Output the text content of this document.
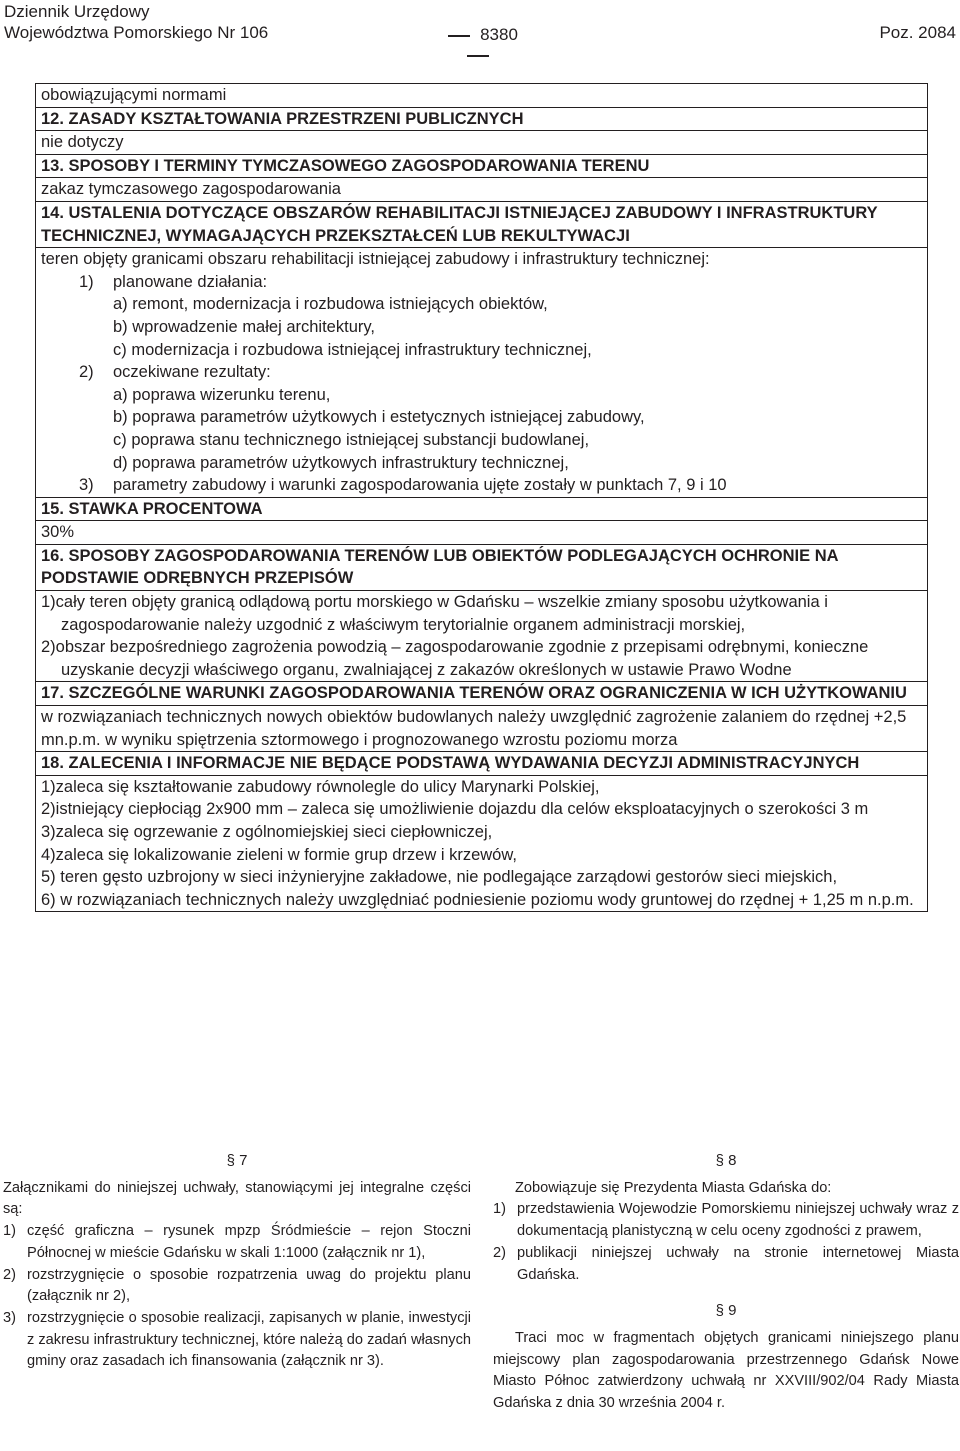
Dziennik Urzędowy
Województwa Pomorskiego Nr 106	8380	Poz. 2084
obowiązującymi normami
12. ZASADY KSZTAŁTOWANIA PRZESTRZENI PUBLICZNYCH
nie dotyczy
13. SPOSOBY I TERMINY TYMCZASOWEGO ZAGOSPODAROWANIA TERENU
zakaz tymczasowego zagospodarowania
14. USTALENIA DOTYCZĄCE OBSZARÓW REHABILITACJI ISTNIEJĄCEJ ZABUDOWY I INFRASTRUKTURY TECHNICZNEJ, WYMAGAJĄCYCH PRZEKSZTAŁCEŃ LUB REKULTYWACJI
teren objęty granicami obszaru rehabilitacji istniejącej zabudowy i infrastruktury technicznej:
1)	planowane działania:
a) remont, modernizacja i rozbudowa istniejących obiektów,
b) wprowadzenie małej architektury,
c) modernizacja i rozbudowa istniejącej infrastruktury technicznej,
2)	oczekiwane rezultaty:
a) poprawa wizerunku terenu,
b) poprawa parametrów użytkowych i estetycznych istniejącej zabudowy,
c) poprawa stanu technicznego istniejącej substancji budowlanej,
d) poprawa parametrów użytkowych infrastruktury technicznej,
3)	parametry zabudowy i warunki zagospodarowania ujęte zostały w punktach 7, 9 i 10
15. STAWKA PROCENTOWA
30%
16. SPOSOBY ZAGOSPODAROWANIA TERENÓW LUB OBIEKTÓW PODLEGAJĄCYCH OCHRONIE NA PODSTAWIE ODRĘBNYCH PRZEPISÓW
1)cały teren objęty granicą odlądową portu morskiego w Gdańsku – wszelkie zmiany sposobu użytkowania i zagospodarowanie należy uzgodnić z właściwym terytorialnie organem administracji morskiej,
2)obszar bezpośredniego zagrożenia powodzią – zagospodarowanie zgodnie z przepisami odrębnymi, konieczne uzyskanie decyzji właściwego organu, zwalniającej z zakazów określonych w ustawie Prawo Wodne
17. SZCZEGÓLNE WARUNKI ZAGOSPODAROWANIA TERENÓW ORAZ OGRANICZENIA W ICH UŻYTKOWANIU
w rozwiązaniach technicznych nowych obiektów budowlanych należy uwzględnić zagrożenie zalaniem do rzędnej +2,5 mn.p.m. w wyniku spiętrzenia sztormowego i prognozowanego wzrostu poziomu morza
18. ZALECENIA I INFORMACJE NIE BĘDĄCE PODSTAWĄ WYDAWANIA DECYZJI ADMINISTRACYJNYCH
1)zaleca się kształtowanie zabudowy równolegle do ulicy Marynarki Polskiej,
2)istniejący ciepłociąg 2x900 mm – zaleca się umożliwienie dojazdu dla celów eksploatacyjnych o szerokości 3 m
3)zaleca się ogrzewanie z ogólnomiejskiej sieci ciepłowniczej,
4)zaleca się lokalizowanie zieleni w formie grup drzew i krzewów,
5) teren gęsto uzbrojony w sieci inżynieryjne zakładowe, nie podlegające zarządowi gestorów sieci miejskich,
6) w rozwiązaniach technicznych należy uwzględniać podniesienie poziomu wody gruntowej do rzędnej + 1,25 m n.p.m.
§ 7
Załącznikami do niniejszej uchwały, stanowiącymi jej integralne części są:
1) część graficzna – rysunek mpzp Śródmieście – rejon Stoczni Północnej w mieście Gdańsku w skali 1:1000 (załącznik nr 1),
2) rozstrzygnięcie o sposobie rozpatrzenia uwag do projektu planu (załącznik nr 2),
3) rozstrzygnięcie o sposobie realizacji, zapisanych w planie, inwestycji z zakresu infrastruktury technicznej, które należą do zadań własnych gminy oraz zasadach ich finansowania (załącznik nr 3).
§ 8
Zobowiązuje się Prezydenta Miasta Gdańska do:
1) przedstawienia Wojewodzie Pomorskiemu niniejszej uchwały wraz z dokumentacją planistyczną w celu oceny zgodności z prawem,
2) publikacji niniejszej uchwały na stronie internetowej Miasta Gdańska.
§ 9
Traci moc w fragmentach objętych granicami niniejszego planu miejscowy plan zagospodarowania przestrzennego Gdańsk Nowe Miasto Północ zatwierdzony uchwałą nr XXVIII/902/04 Rady Miasta Gdańska z dnia 30 września 2004 r.
